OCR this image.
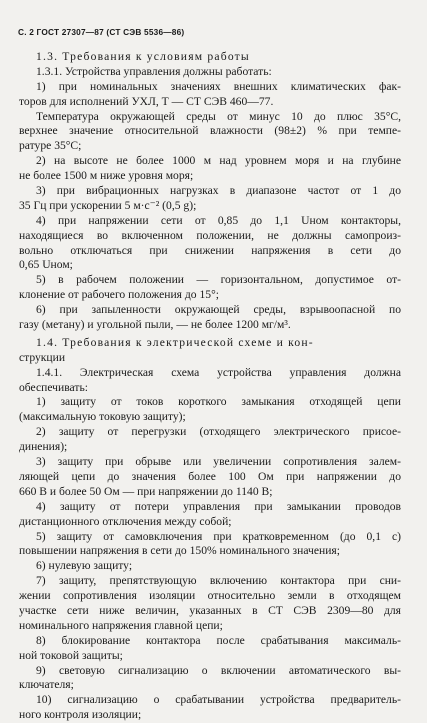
С. 2 ГОСТ 27307—87 (СТ СЭВ 5536—86)
1.3. Требования к условиям работы
1.3.1. Устройства управления должны работать:
1) при номинальных значениях внешних климатических фак-
торов для исполнений УХЛ, Т — СТ СЭВ 460—77.
Температура окружающей среды от минус 10 до плюс 35°С,
верхнее значение относительной влажности (98±2) % при темпе-
ратуре 35°С;
2) на высоте не более 1000 м над уровнем моря и на глубине
не более 1500 м ниже уровня моря;
3) при вибрационных нагрузках в диапазоне частот от 1 до
35 Гц при ускорении 5 м·с⁻² (0,5 g);
4) при напряжении сети от 0,85 до 1,1 Uном контакторы,
находящиеся во включенном положении, не должны самопроиз-
вольно отключаться при снижении напряжения в сети до
0,65 Uном;
5) в рабочем положении — горизонтальном, допустимое от-
клонение от рабочего положения до 15°;
6) при запыленности окружающей среды, взрывоопасной по
газу (метану) и угольной пыли, — не более 1200 мг/м³.
1.4. Требования к электрической схеме и кон-
струкции
1.4.1. Электрическая схема устройства управления должна
обеспечивать:
1) защиту от токов короткого замыкания отходящей цепи
(максимальную токовую защиту);
2) защиту от перегрузки (отходящего электрического присое-
динения);
3) защиту при обрыве или увеличении сопротивления залем-
ляющей цепи до значения более 100 Ом при напряжении до
660 В и более 50 Ом — при напряжении до 1140 В;
4) защиту от потери управления при замыкании проводов
дистанционного отключения между собой;
5) защиту от самовключения при кратковременном (до 0,1 с)
повышении напряжения в сети до 150% номинального значения;
6) нулевую защиту;
7) защиту, препятствующую включению контактора при сни-
жении сопротивления изоляции относительно земли в отходящем
участке сети ниже величин, указанных в СТ СЭВ 2309—80 для
номинального напряжения главной цепи;
8) блокирование контактора после срабатывания максималь-
ной токовой защиты;
9) световую сигнализацию о включении автоматического вы-
ключателя;
10) сигнализацию о срабатывании устройства предваритель-
ного контроля изоляции;
